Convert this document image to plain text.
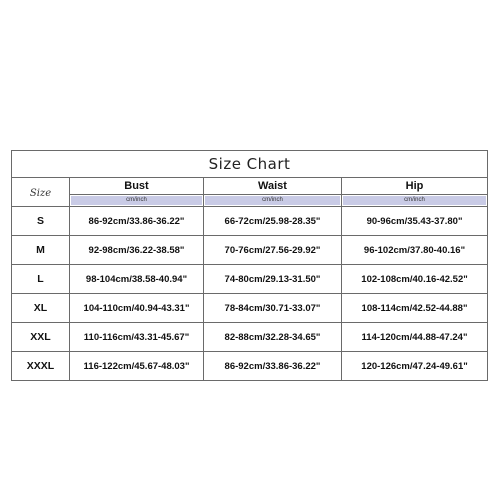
Size Chart			
Size	Bust	Waist	Hip

	cm/inch	cm/inch	cm/inch

S	86-92cm/33.86-36.22"	66-72cm/25.98-28.35"	90-96cm/35.43-37.80"
M	92-98cm/36.22-38.58"	70-76cm/27.56-29.92"	96-102cm/37.80-40.16"
L	98-104cm/38.58-40.94"	74-80cm/29.13-31.50"	102-108cm/40.16-42.52"
XL	104-110cm/40.94-43.31"	78-84cm/30.71-33.07"	108-114cm/42.52-44.88"
XXL	110-116cm/43.31-45.67"	82-88cm/32.28-34.65"	114-120cm/44.88-47.24"
XXXL	116-122cm/45.67-48.03"	86-92cm/33.86-36.22"	120-126cm/47.24-49.61"
